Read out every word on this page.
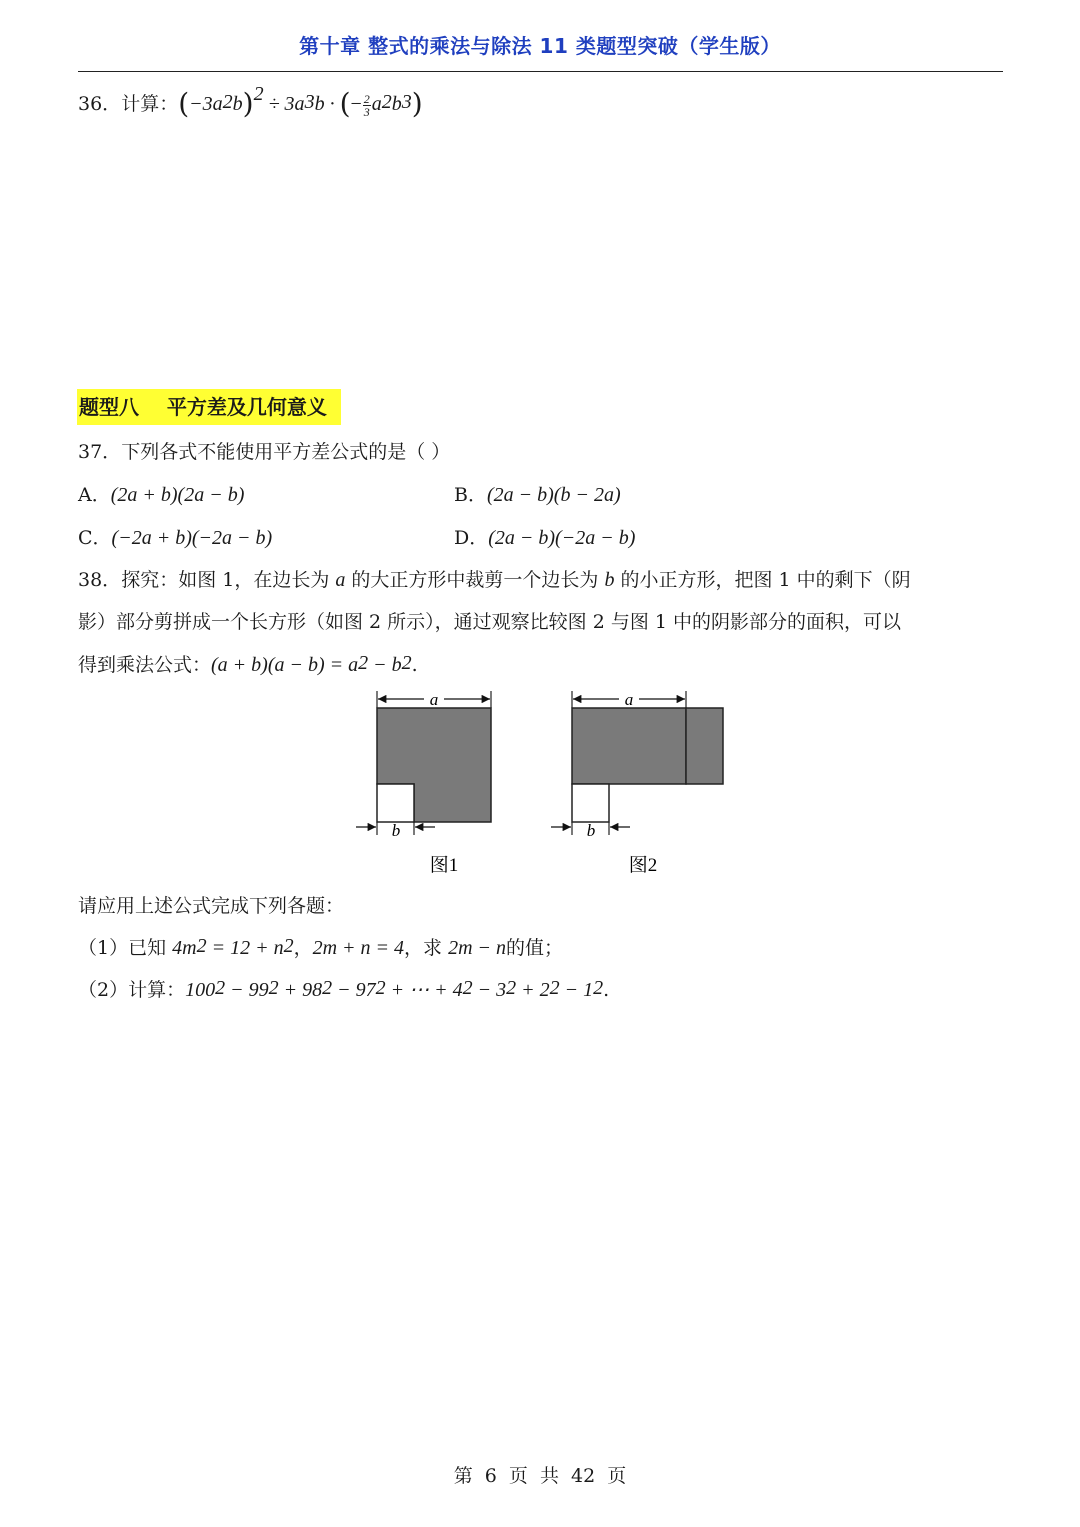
第十章 整式的乘法与除法 11 类题型突破（学生版）
36．计算：$(-3a^2b)^2 \div 3a^3b$ · (− $\frac{2}{3} a^2b^3$)
题型八    平方差及几何意义
37．下列各式不能使用平方差公式的是（ ）
A．(2a + b)(2a − b)	B．(2a − b)(b − 2a)
C．(−2a + b)(−2a − b)	D．(2a − b)(−2a − b)
38．探究：如图 1，在边长为 a 的大正方形中裁剪一个边长为 b 的小正方形，把图 1 中的剩下（阴
影）部分剪拼成一个长方形（如图 2 所示），通过观察比较图 2 与图 1 中的阴影部分的面积，可以
得到乘法公式：$(a + b)(a - b) = a^2 - b^2$.
a
b
图1
a
b
图2
请应用上述公式完成下列各题：
（1）已知 $4m^2 = 12 + n^2$，2m + n = 4，求 2m − n的值；
（2）计算：$100^2 - 99^2 + 98^2 - 97^2$ + ⋯ + $4^2 - 3^2 + 2^2 - 1^2$.
第 6 页 共 42 页
